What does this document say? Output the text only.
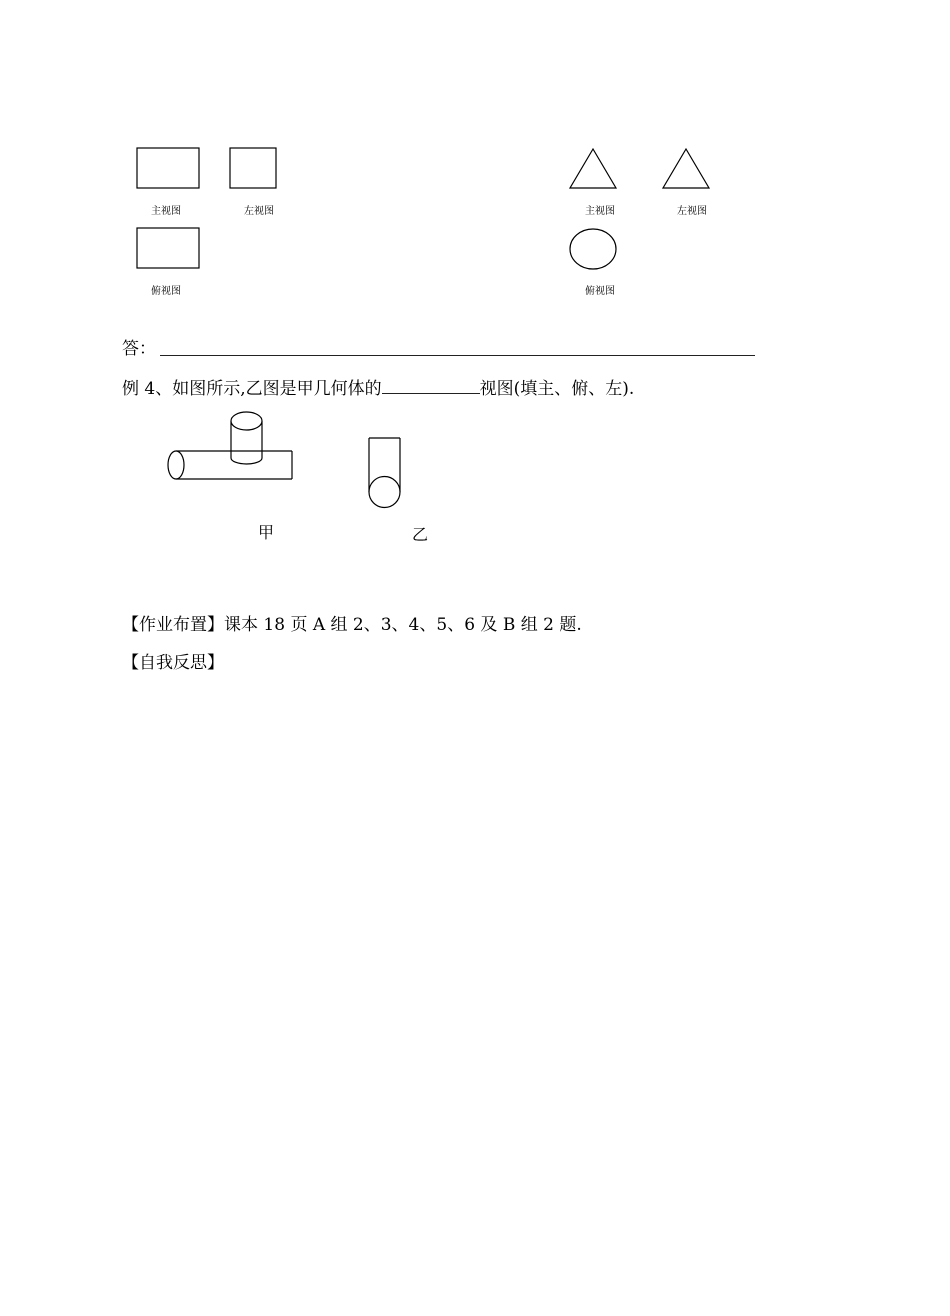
主视图	左视图
俯视图
主视图	左视图
俯视图
甲	乙
答：
例 4、如图所示,乙图是甲几何体的	视图(填主、俯、左).
【作业布置】课本 18 页 A 组 2、3、4、5、6 及 B 组 2 题.
【自我反思】
